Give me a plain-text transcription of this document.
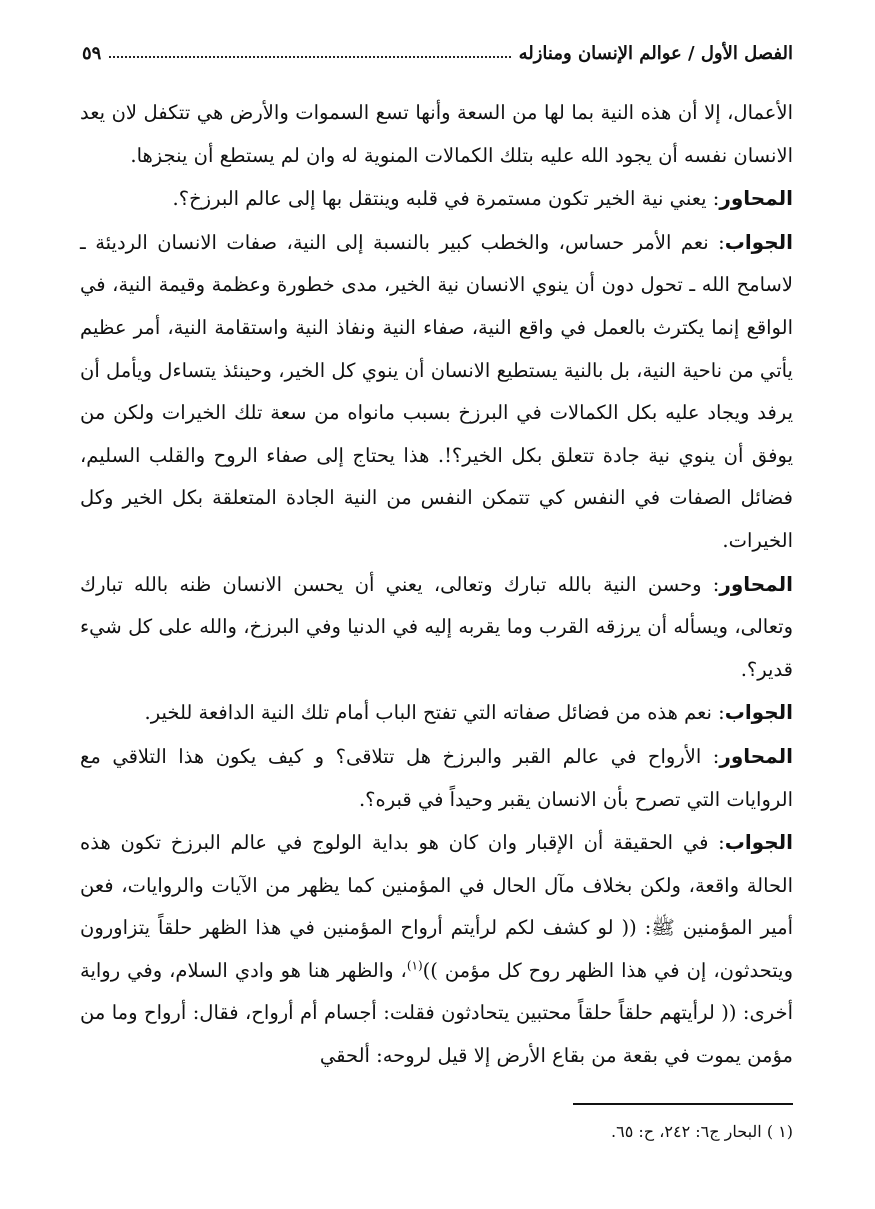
الفصل الأول / عوالم الإنسان ومنازله
٥٩

الأعمال، إلا أن هذه النية بما لها من السعة وأنها تسع السموات والأرض هي تتكفل لان يعد الانسان نفسه أن يجود الله عليه بتلك الكمالات المنوية له وان لم يستطع أن ينجزها.

المحاور: يعني نية الخير تكون مستمرة في قلبه وينتقل بها إلى عالم البرزخ؟.

الجواب: نعم الأمر حساس، والخطب كبير بالنسبة إلى النية، صفات الانسان الرديئة ـ لاسامح الله ـ تحول دون أن ينوي الانسان نية الخير، مدى خطورة وعظمة وقيمة النية، في الواقع إنما يكترث بالعمل في واقع النية، صفاء النية ونفاذ النية واستقامة النية، أمر عظيم يأتي من ناحية النية، بل بالنية يستطيع الانسان أن ينوي كل الخير، وحينئذ يتساءل ويأمل أن يرفد ويجاد عليه بكل الكمالات في البرزخ بسبب مانواه من سعة تلك الخيرات ولكن من يوفق أن ينوي نية جادة تتعلق بكل الخير؟!. هذا يحتاج إلى صفاء الروح والقلب السليم، فضائل الصفات في النفس كي تتمكن النفس من النية الجادة المتعلقة بكل الخير وكل الخيرات.

المحاور: وحسن النية بالله تبارك وتعالى، يعني أن يحسن الانسان ظنه بالله تبارك وتعالى، ويسأله أن يرزقه القرب وما يقربه إليه في الدنيا وفي البرزخ، والله على كل شيء قدير؟.

الجواب: نعم هذه من فضائل صفاته التي تفتح الباب أمام تلك النية الدافعة للخير.

المحاور: الأرواح في عالم القبر والبرزخ هل تتلاقى؟ و كيف يكون هذا التلاقي مع الروايات التي تصرح بأن الانسان يقبر وحيداً في قبره؟.

الجواب: في الحقيقة أن الإقبار وان كان هو بداية الولوج في عالم البرزخ تكون هذه الحالة واقعة، ولكن بخلاف مآل الحال في المؤمنين كما يظهر من الآيات والروايات، فعن أمير المؤمنين ﷺ: (( لو كشف لكم لرأيتم أرواح المؤمنين في هذا الظهر حلقاً يتزاورون ويتحدثون، إن في هذا الظهر روح كل مؤمن ))$^{(١)}$، والظهر هنا هو وادي السلام، وفي رواية أخرى: (( لرأيتهم حلقاً حلقاً محتبين يتحادثون فقلت: أجسام أم أرواح، فقال: أرواح وما من مؤمن يموت في بقعة من بقاع الأرض إلا قيل لروحه: ألحقي

(١ ) البحار ج٦: ٢٤٢، ح: ٦٥.
